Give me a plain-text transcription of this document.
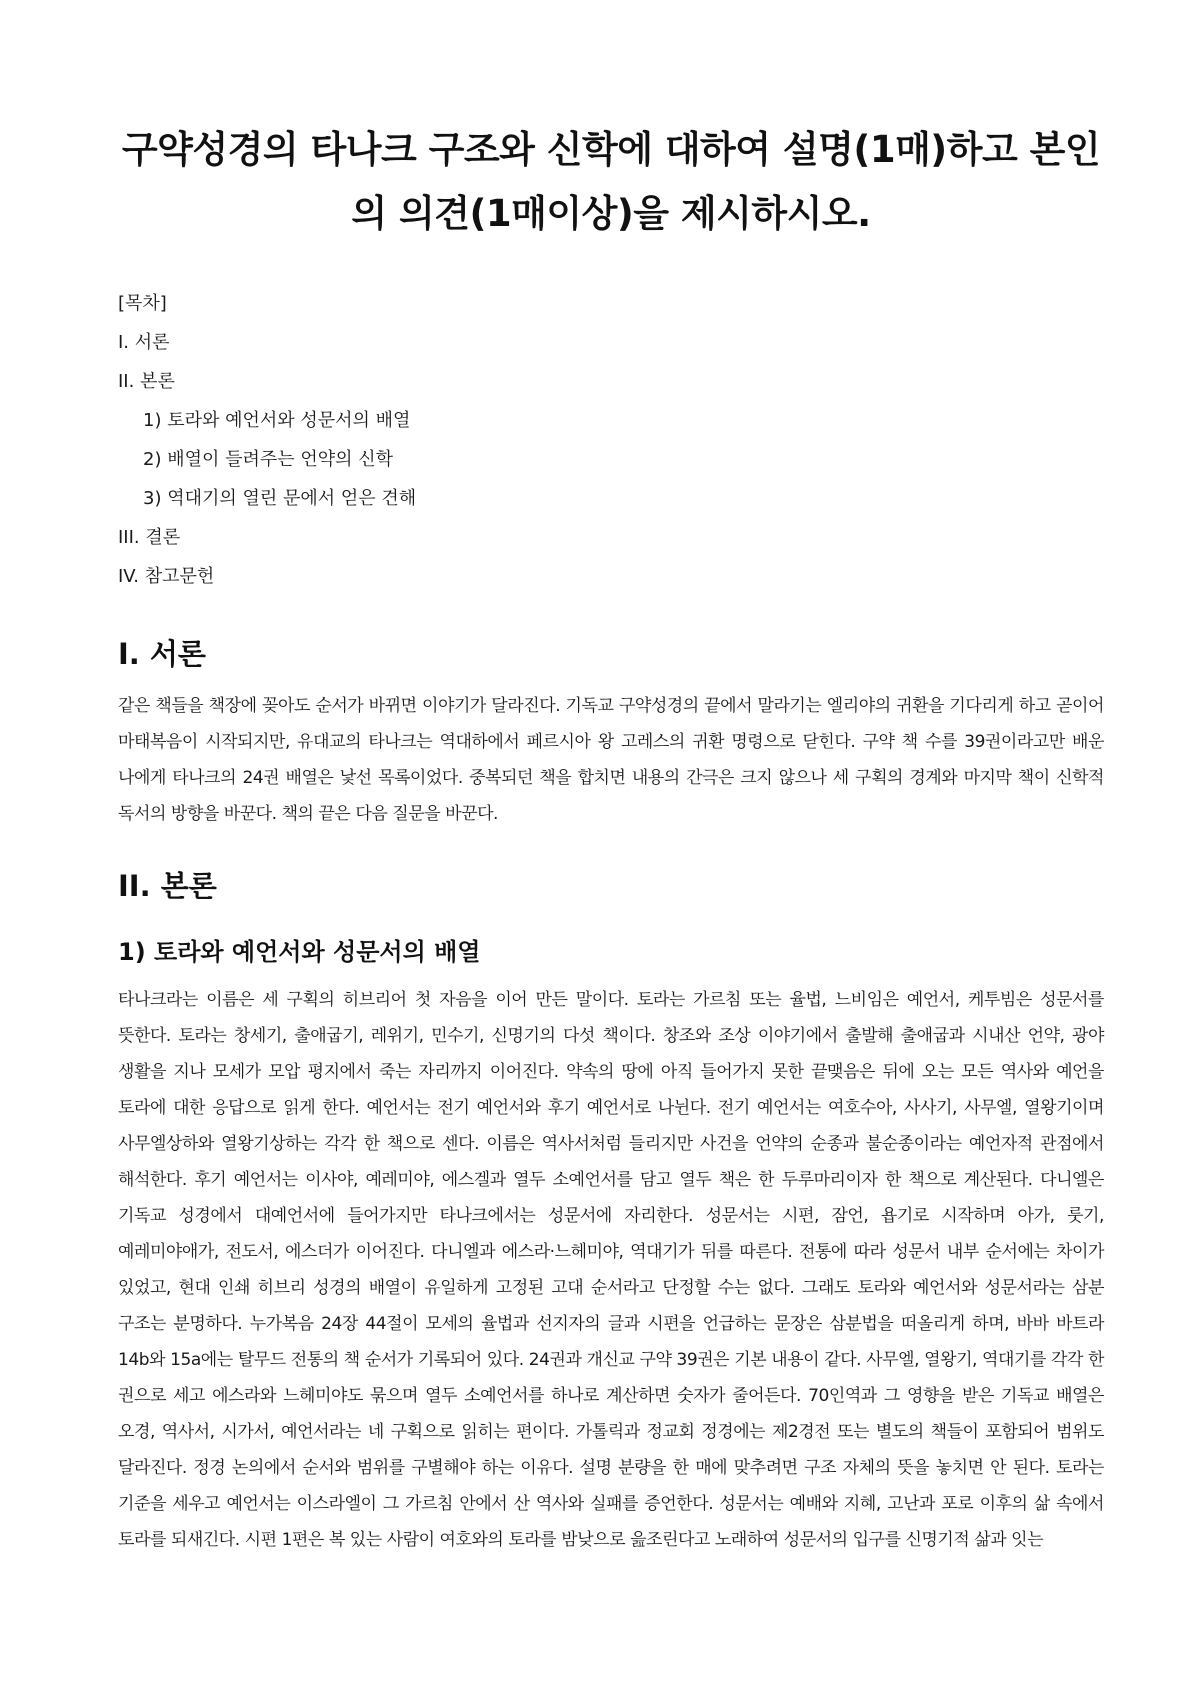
구약성경의 타나크 구조와 신학에 대하여 설명(1매)하고 본인의 의견(1매이상)을 제시하시오.

[목차]

I. 서론

II. 본론

1) 토라와 예언서와 성문서의 배열

2) 배열이 들려주는 언약의 신학

3) 역대기의 열린 문에서 얻은 견해

III. 결론

IV. 참고문헌

I. 서론

같은 책들을 책장에 꽂아도 순서가 바뀌면 이야기가 달라진다. 기독교 구약성경의 끝에서 말라기는 엘리야의 귀환을 기다리게 하고 곧이어 마태복음이 시작되지만, 유대교의 타나크는 역대하에서 페르시아 왕 고레스의 귀환 명령으로 닫힌다. 구약 책 수를 39권이라고만 배운 나에게 타나크의 24권 배열은 낯선 목록이었다. 중복되던 책을 합치면 내용의 간극은 크지 않으나 세 구획의 경계와 마지막 책이 신학적 독서의 방향을 바꾼다. 책의 끝은 다음 질문을 바꾼다.

II. 본론
1) 토라와 예언서와 성문서의 배열

타나크라는 이름은 세 구획의 히브리어 첫 자음을 이어 만든 말이다. 토라는 가르침 또는 율법, 느비임은 예언서, 케투빔은 성문서를 뜻한다. 토라는 창세기, 출애굽기, 레위기, 민수기, 신명기의 다섯 책이다. 창조와 조상 이야기에서 출발해 출애굽과 시내산 언약, 광야 생활을 지나 모세가 모압 평지에서 죽는 자리까지 이어진다. 약속의 땅에 아직 들어가지 못한 끝맺음은 뒤에 오는 모든 역사와 예언을 토라에 대한 응답으로 읽게 한다. 예언서는 전기 예언서와 후기 예언서로 나뉜다. 전기 예언서는 여호수아, 사사기, 사무엘, 열왕기이며 사무엘상하와 열왕기상하는 각각 한 책으로 센다. 이름은 역사서처럼 들리지만 사건을 언약의 순종과 불순종이라는 예언자적 관점에서 해석한다. 후기 예언서는 이사야, 예레미야, 에스겔과 열두 소예언서를 담고 열두 책은 한 두루마리이자 한 책으로 계산된다. 다니엘은 기독교 성경에서 대예언서에 들어가지만 타나크에서는 성문서에 자리한다. 성문서는 시편, 잠언, 욥기로 시작하며 아가, 룻기, 예레미야애가, 전도서, 에스더가 이어진다. 다니엘과 에스라·느헤미야, 역대기가 뒤를 따른다. 전통에 따라 성문서 내부 순서에는 차이가 있었고, 현대 인쇄 히브리 성경의 배열이 유일하게 고정된 고대 순서라고 단정할 수는 없다. 그래도 토라와 예언서와 성문서라는 삼분 구조는 분명하다. 누가복음 24장 44절이 모세의 율법과 선지자의 글과 시편을 언급하는 문장은 삼분법을 떠올리게 하며, 바바 바트라 14b와 15a에는 탈무드 전통의 책 순서가 기록되어 있다. 24권과 개신교 구약 39권은 기본 내용이 같다. 사무엘, 열왕기, 역대기를 각각 한 권으로 세고 에스라와 느헤미야도 묶으며 열두 소예언서를 하나로 계산하면 숫자가 줄어든다. 70인역과 그 영향을 받은 기독교 배열은 오경, 역사서, 시가서, 예언서라는 네 구획으로 읽히는 편이다. 가톨릭과 정교회 정경에는 제2경전 또는 별도의 책들이 포함되어 범위도 달라진다. 정경 논의에서 순서와 범위를 구별해야 하는 이유다. 설명 분량을 한 매에 맞추려면 구조 자체의 뜻을 놓치면 안 된다. 토라는 기준을 세우고 예언서는 이스라엘이 그 가르침 안에서 산 역사와 실패를 증언한다. 성문서는 예배와 지혜, 고난과 포로 이후의 삶 속에서 토라를 되새긴다. 시편 1편은 복 있는 사람이 여호와의 토라를 밤낮으로 읊조린다고 노래하여 성문서의 입구를 신명기적 삶과 잇는
